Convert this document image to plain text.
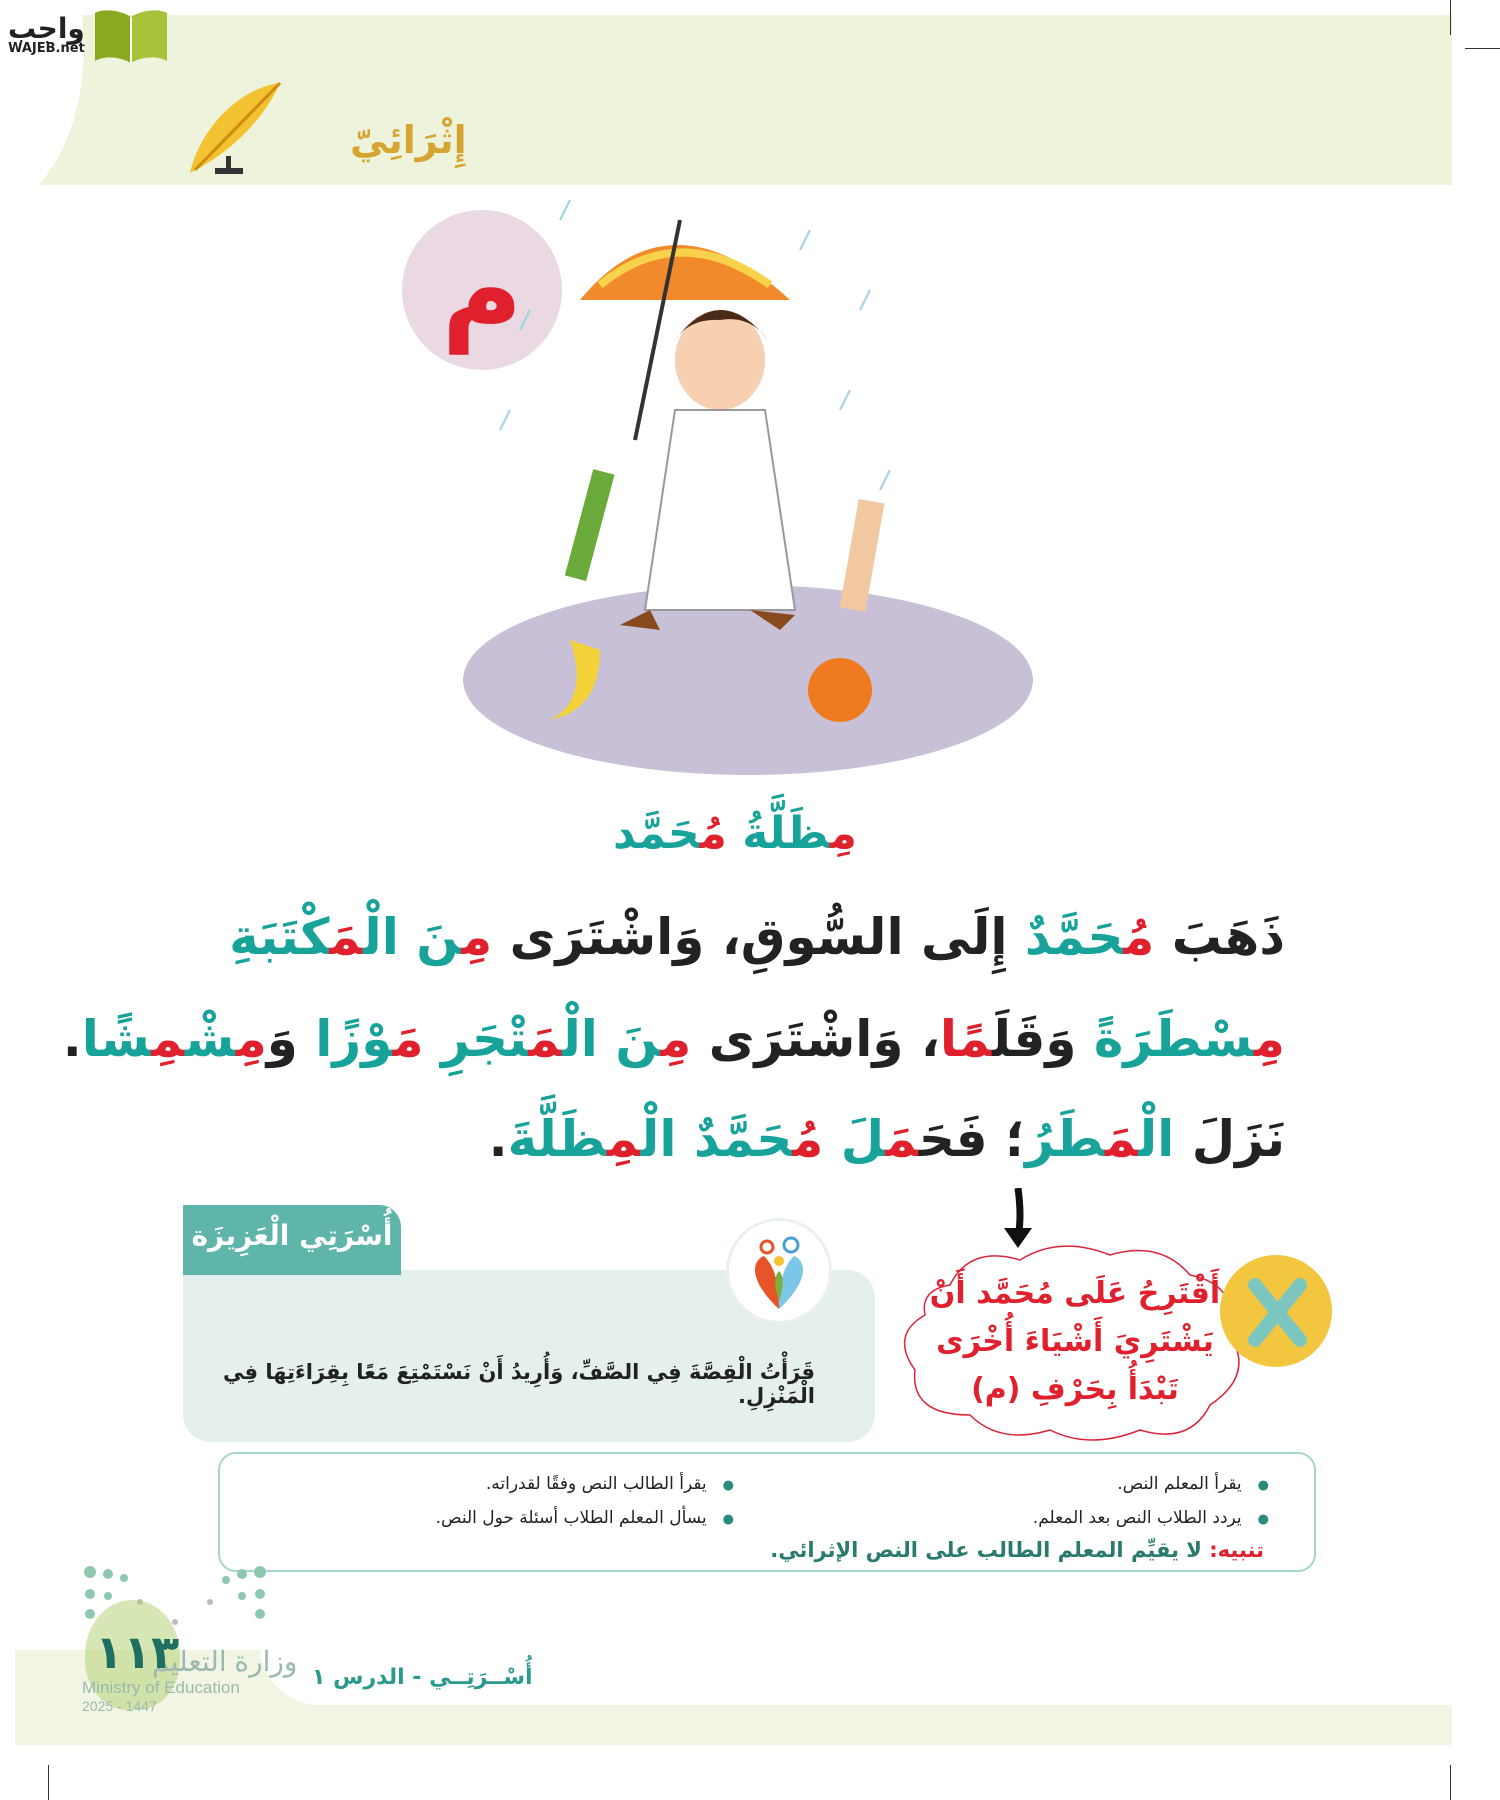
واجب
WAJEB.net
إِثْرَائِيّ
م
مِظَلَّةُ مُحَمَّد
ذَهَبَ مُحَمَّدٌ إِلَى السُّوقِ، وَاشْتَرَى مِنَ الْمَكْتَبَةِ
مِسْطَرَةً وَقَلَمًا، وَاشْتَرَى مِنَ الْمَتْجَرِ مَوْزًا وَمِشْمِشًا.
نَزَلَ الْمَطَرُ؛ فَحَمَلَ مُحَمَّدٌ الْمِظَلَّةَ.
قَرَأْتُ الْقِصَّةَ فِي الصَّفِّ، وَأُرِيدُ أَنْ نَسْتَمْتِعَ مَعًا بِقِرَاءَتِهَا فِي الْمَنْزِلِ.
أُسْرَتِي الْعَزِيزَة
أَقْتَرِحُ عَلَى مُحَمَّد أَنْ
يَشْتَرِيَ أَشْيَاءَ أُخْرَى
تَبْدَأُ بِحَرْفِ (م)
● يقرأ المعلم النص.
● يردد الطلاب النص بعد المعلم.
● يقرأ الطالب النص وفقًا لقدراته.
● يسأل المعلم الطلاب أسئلة حول النص.
تنبيه: لا يقيِّم المعلم الطالب على النص الإثرائي.
وزارة التعليم
Ministry of Education
2025 - 1447
١١٣	أُسْــرَتِــي - الدرس ١
